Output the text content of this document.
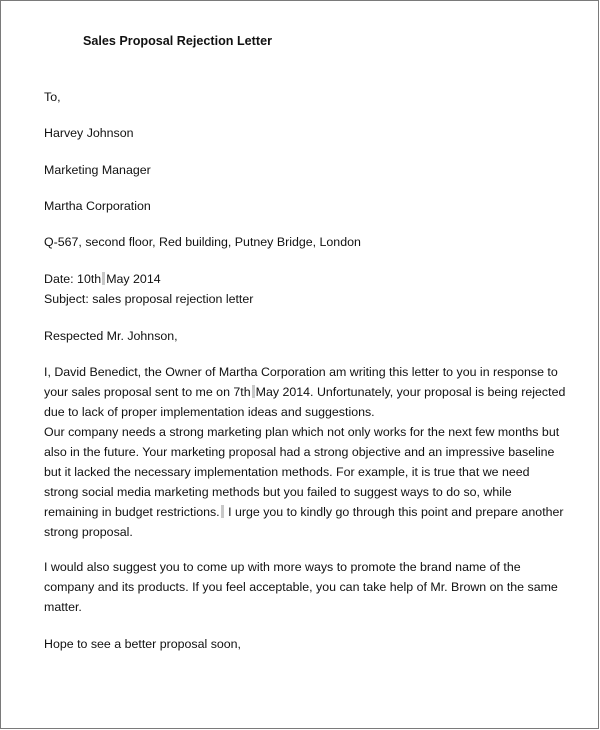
Sales Proposal Rejection Letter
To,
Harvey Johnson
Marketing Manager
Martha Corporation
Q-567, second floor, Red building, Putney Bridge, London
Date: 10th May 2014
Subject: sales proposal rejection letter
Respected Mr. Johnson,
I, David Benedict, the Owner of Martha Corporation am writing this letter to you in response to
your sales proposal sent to me on 7th May 2014. Unfortunately, your proposal is being rejected
due to lack of proper implementation ideas and suggestions.
Our company needs a strong marketing plan which not only works for the next few months but
also in the future. Your marketing proposal had a strong objective and an impressive baseline
but it lacked the necessary implementation methods. For example, it is true that we need
strong social media marketing methods but you failed to suggest ways to do so, while
remaining in budget restrictions. I urge you to kindly go through this point and prepare another
strong proposal.
I would also suggest you to come up with more ways to promote the brand name of the
company and its products. If you feel acceptable, you can take help of Mr. Brown on the same
matter.
Hope to see a better proposal soon,
